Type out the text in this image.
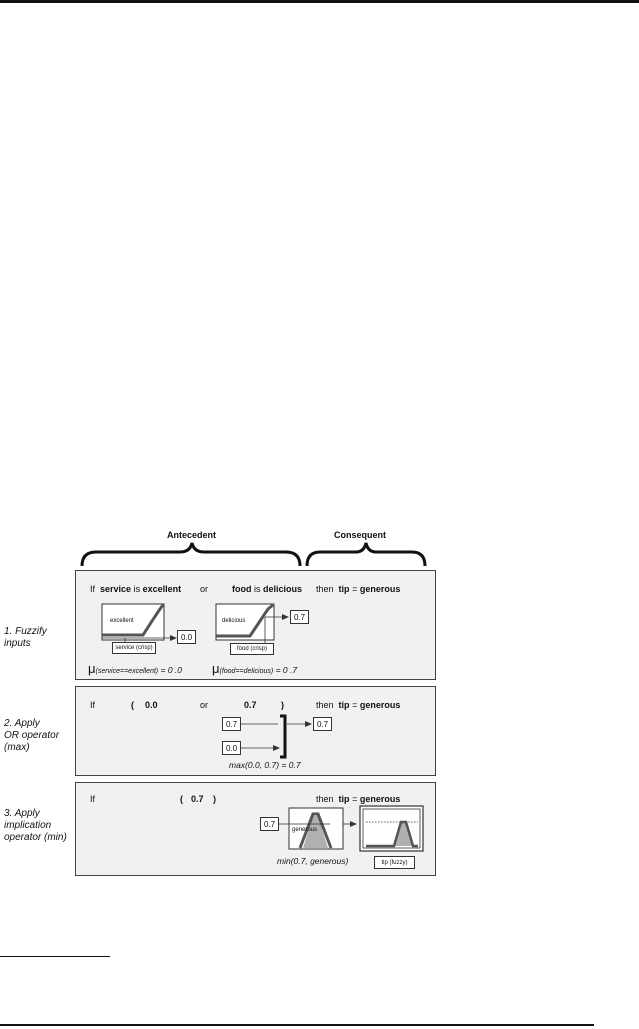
Antecedent	Consequent
1. Fuzzify
inputs
2. Apply
OR operator
(max)
3. Apply
implication
operator (min)
If service is excellent or	food is delicious then tip = generous
excellent	delicious
service (crisp)	food (crisp)
0.0
0.7
μ(service==excellent) = 0 .0 μ(food==delicious) = 0 .7
If	( 0.0	or	0.7	)	then tip = generous
0.7
0.0
0.7
max(0.0, 0.7) = 0.7
If	( 0.7 )	then tip = generous
0.7
generous
min(0.7, generous)	tip (fuzzy)
